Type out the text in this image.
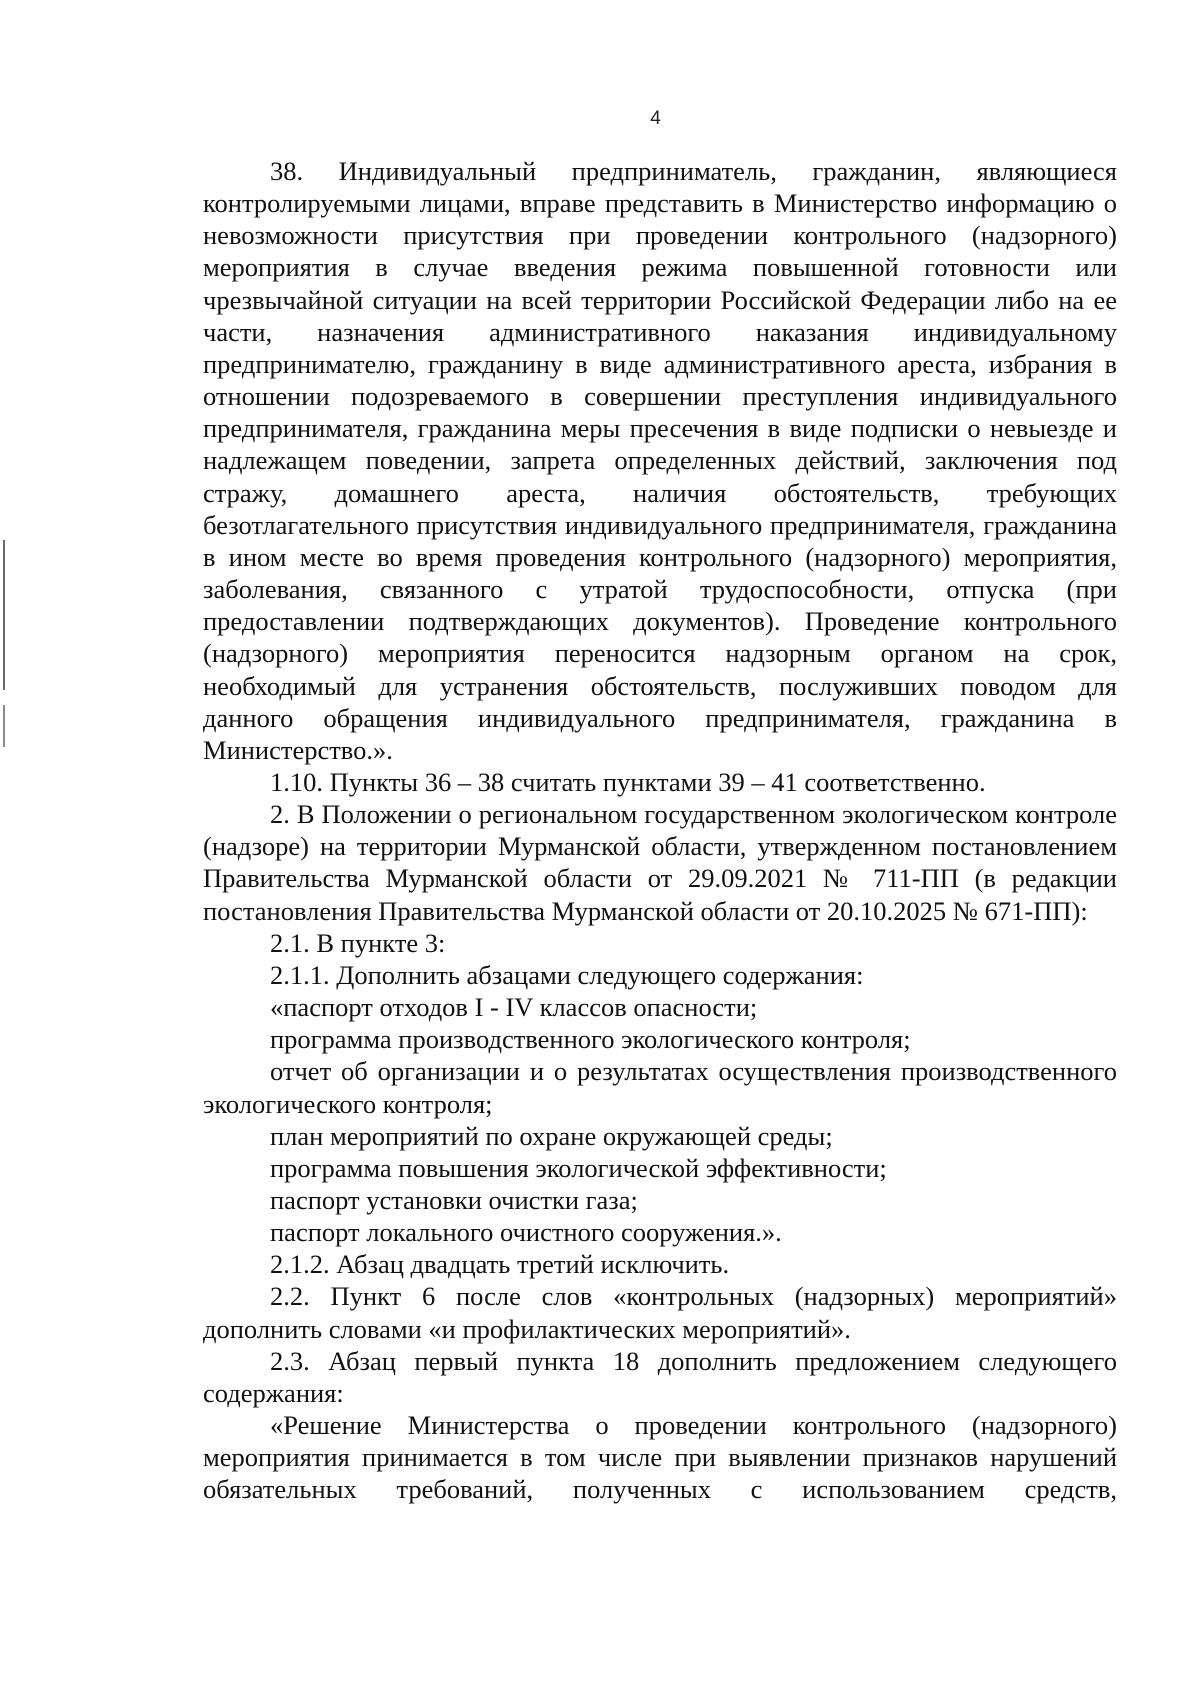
4

38. Индивидуальный предприниматель, гражданин, являющиеся контролируемыми лицами, вправе представить в Министерство информацию о невозможности присутствия при проведении контрольного (надзорного) мероприятия в случае введения режима повышенной готовности или чрезвычайной ситуации на всей территории Российской Федерации либо на ее части, назначения административного наказания индивидуальному предпринимателю, гражданину в виде административного ареста, избрания в отношении подозреваемого в совершении преступления индивидуального предпринимателя, гражданина меры пресечения в виде подписки о невыезде и надлежащем поведении, запрета определенных действий, заключения под стражу, домашнего ареста, наличия обстоятельств, требующих безотлагательного присутствия индивидуального предпринимателя, гражданина в ином месте во время проведения контрольного (надзорного) мероприятия, заболевания, связанного с утратой трудоспособности, отпуска (при предоставлении подтверждающих документов). Проведение контрольного (надзорного) мероприятия переносится надзорным органом на срок, необходимый для устранения обстоятельств, послуживших поводом для данного обращения индивидуального предпринимателя, гражданина в Министерство.».

1.10. Пункты 36 – 38 считать пунктами 39 – 41 соответственно.

2. В Положении о региональном государственном экологическом контроле (надзоре) на территории Мурманской области, утвержденном постановлением Правительства Мурманской области от 29.09.2021 № 711-ПП (в редакции постановления Правительства Мурманской области от 20.10.2025 № 671-ПП):

2.1. В пункте 3:

2.1.1. Дополнить абзацами следующего содержания:

«паспорт отходов I - IV классов опасности;

программа производственного экологического контроля;

отчет об организации и о результатах осуществления производственного экологического контроля;

план мероприятий по охране окружающей среды;

программа повышения экологической эффективности;

паспорт установки очистки газа;

паспорт локального очистного сооружения.».

2.1.2. Абзац двадцать третий исключить.

2.2. Пункт 6 после слов «контрольных (надзорных) мероприятий» дополнить словами «и профилактических мероприятий».

2.3. Абзац первый пункта 18 дополнить предложением следующего содержания:

«Решение Министерства о проведении контрольного (надзорного) мероприятия принимается в том числе при выявлении признаков нарушений обязательных требований, полученных с использованием средств,
